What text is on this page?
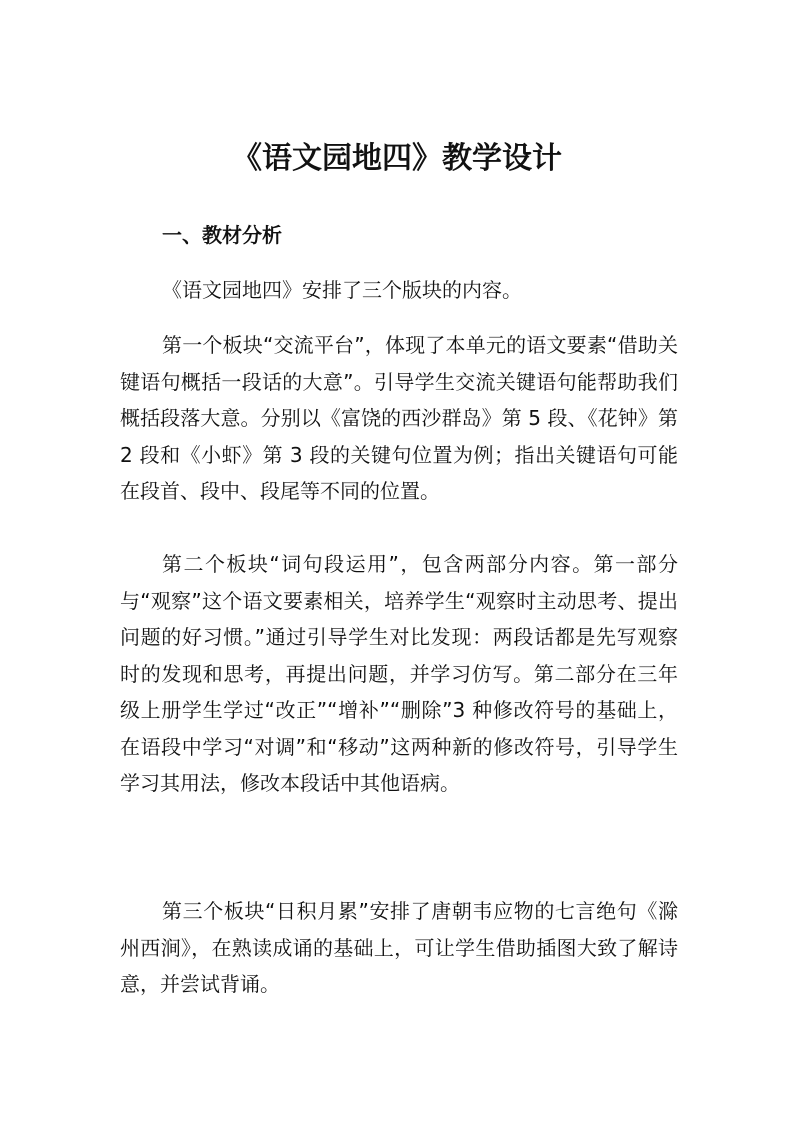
《语文园地四》教学设计
一、教材分析

《语文园地四》安排了三个版块的内容。

第一个板块“交流平台”，体现了本单元的语文要素“借助关键语句概括一段话的大意”。引导学生交流关键语句能帮助我们概括段落大意。分别以《富饶的西沙群岛》第 5 段、《花钟》第 2 段和《小虾》第 3 段的关键句位置为例；指出关键语句可能在段首、段中、段尾等不同的位置。

第二个板块“词句段运用”，包含两部分内容。第一部分与“观察”这个语文要素相关，培养学生“观察时主动思考、提出问题的好习惯。”通过引导学生对比发现：两段话都是先写观察时的发现和思考，再提出问题，并学习仿写。第二部分在三年级上册学生学过“改正”“增补”“删除”3 种修改符号的基础上，在语段中学习“对调”和“移动”这两种新的修改符号，引导学生学习其用法，修改本段话中其他语病。

第三个板块“日积月累”安排了唐朝韦应物的七言绝句《滁州西涧》，在熟读成诵的基础上，可让学生借助插图大致了解诗意，并尝试背诵。
